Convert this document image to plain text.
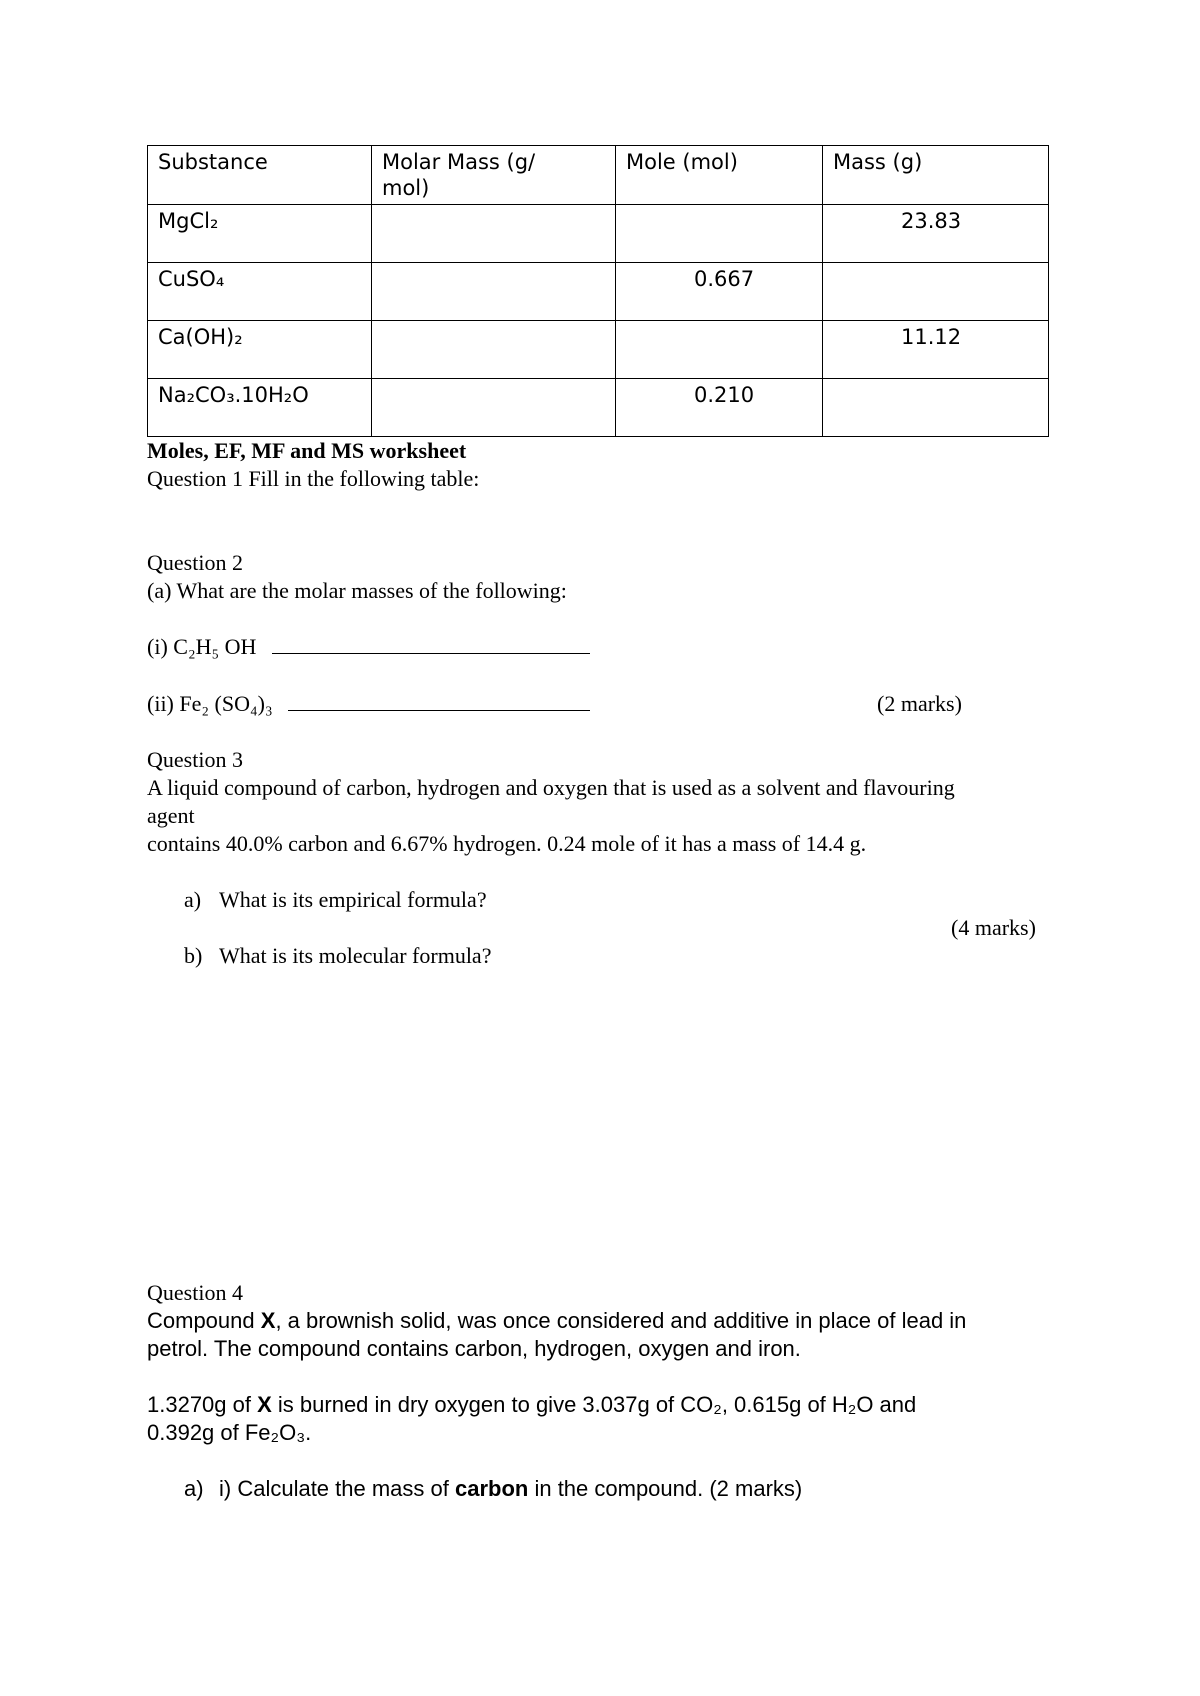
Substance	Molar Mass (g/ mol)	Mole (mol)	Mass (g)

MgCl₂			23.83

CuSO₄		0.667	

Ca(OH)₂			11.12

Na₂CO₃.10H₂O		0.210	

Moles, EF, MF and MS worksheet
Question 1 Fill in the following table:
Question 2
(a) What are the molar masses of the following:
(i) C₂H₅ OH
(ii) Fe₂ (SO₄)₃	(2 marks)
Question 3
A liquid compound of carbon, hydrogen and oxygen that is used as a solvent and flavouring
agent
contains 40.0% carbon and 6.67% hydrogen. 0.24 mole of it has a mass of 14.4 g.
a) What is its empirical formula?
(4 marks)
b) What is its molecular formula?
Question 4
Compound X, a brownish solid, was once considered and additive in place of lead in
petrol. The compound contains carbon, hydrogen, oxygen and iron.
1.3270g of X is burned in dry oxygen to give 3.037g of CO₂, 0.615g of H₂O and
0.392g of Fe₂O₃.
a) i) Calculate the mass of carbon in the compound. (2 marks)
